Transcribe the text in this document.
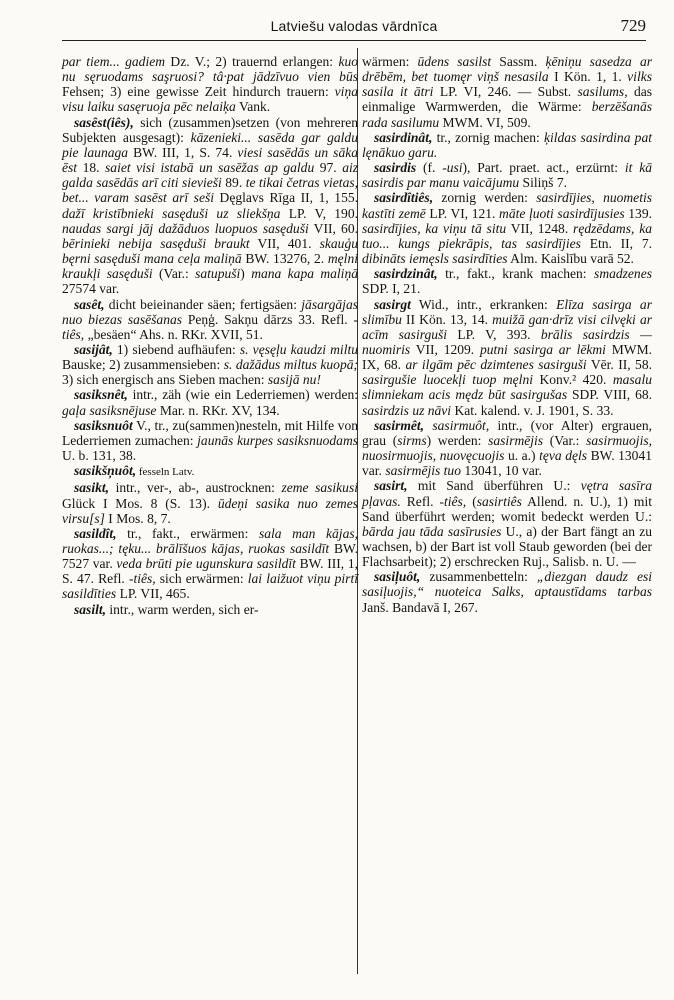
Latviešu valodas vārdnīca	729

par tiem... gadiem Dz. V.; 2) trauernd erlangen: kuo nu sęruodams saşruosi? tâ·pat jādzīvuo vien būs Fehsen; 3) eine gewisse Zeit hindurch trauern: viņa visu laiku sasęruoja pēc nelaiķa Vank.

sasêst(iês), sich (zusammen)setzen (von mehreren Subjekten ausgesagt): kāzenieki... sasēda gar galdu pie launaga BW. III, 1, S. 74. viesi sasēdās un sāka ēst 18. saiet visi istabā un sasēžas ap galdu 97. aiz galda sasēdās arī citi sievieši 89. te tikai četras vietas, bet... varam sasēst arī seši Dęglavs Rīga II, 1, 155. dažī kristībnieki sasęduši uz sliekšņa LP. V, 190. naudas sargi jāj dažāduos luopuos sasęduši VII, 60. bērinieki nebija sasęduši braukt VII, 401. skauģu bęrni sasęduši mana ceļa maliņā BW. 13276, 2. męlni kraukļi sasęduši (Var.: satupuši) mana kapa maliņā 27574 var.

sasêt, dicht beieinander säen; fertigsäen: jāsargājas nuo biezas sasēšanas Peņģ. Sakņu dārzs 33. Refl. -tiês, „besäen“ Ahs. n. RKr. XVII, 51.

sasijât, 1) siebend aufhäufen: s. vęsęļu kaudzi miltu Bauske; 2) zusammensieben: s. dažādus miltus kuopā; 3) sich energisch ans Sieben machen: sasijā nu!

sasiksnêt, intr., zäh (wie ein Lederriemen) werden: gaļa sasiksnējuse Mar. n. RKr. XV, 134.

sasiksnuôt V., tr., zu(sammen)nesteln, mit Hilfe von Lederriemen zumachen: jaunās kurpes sasiksnuodams U. b. 131, 38.

sasikšņuôt, fesseln Latv.

sasikt, intr., ver-, ab-, austrocknen: zeme sasikusi Glück I Mos. 8 (S. 13). ūdeņi sasika nuo zemes virsu[s] I Mos. 8, 7.

sasildît, tr., fakt., erwärmen: sala man kājas, ruokas...; tęku... brālīšuos kājas, ruokas sasildīt BW. 7527 var. veda brūti pie ugunskura sasildīt BW. III, 1, S. 47. Refl. -tiês, sich erwärmen: lai laižuot viņu pirtī sasildīties LP. VII, 465.

sasilt, intr., warm werden, sich er-

wärmen: ūdens sasilst Sassm. ķēniņu sasedza ar drēbēm, bet tuomęr viņš nesasila I Kön. 1, 1. vilks sasila it ātri LP. VI, 246. — Subst. sasilums, das einmalige Warmwerden, die Wärme: berzēšanās rada sasilumu MWM. VI, 509.

sasirdinât, tr., zornig machen: ķildas sasirdina pat lęnākuo garu.

sasirdis (f. -usi), Part. praet. act., erzürnt: it kā sasirdis par manu vaicājumu Siliņš 7.

sasirdîtiês, zornig werden: sasirdījies, nuometis kastīti zemē LP. VI, 121. māte ļuoti sasirdījusies 139. sasirdījies, ka viņu tā situ VII, 1248. rędzēdams, ka tuo... kungs piekrāpis, tas sasirdījies Etn. II, 7. dibināts iemęsls sasirdīties Alm. Kaislību varā 52.

sasirdzinât, tr., fakt., krank machen: smadzenes SDP. I, 21.

sasirgt Wid., intr., erkranken: Elīza sasirga ar slimību II Kön. 13, 14. muižā gan·drīz visi cilvęki ar acīm sasirguši LP. V, 393. brālis sasirdzis — nuomiris VII, 1209. putni sasirga ar lēkmi MWM. IX, 68. ar ilgām pēc dzimtenes sasirguši Vēr. II, 58. sasirgušie luocekļi tuop męlni Konv.² 420. masalu slimniekam acis mędz būt sasirgušas SDP. VIII, 68. sasirdzis uz nāvi Kat. kalend. v. J. 1901, S. 33.

sasirmêt, sasirmuôt, intr., (vor Alter) ergrauen, grau (sirms) werden: sasirmējis (Var.: sasirmuojis, nuosirmuojis, nuovęcuojis u. a.) tęva dęls BW. 13041 var. sasirmējis tuo 13041, 10 var.

sasirt, mit Sand überführen U.: vętra sasīra pļavas. Refl. -tiês, (sasirtiês Allend. n. U.), 1) mit Sand überführt werden; womit bedeckt werden U.: bārda jau tāda sasīrusies U., a) der Bart fängt an zu wachsen, b) der Bart ist voll Staub geworden (bei der Flachsarbeit); 2) erschrecken Ruj., Salisb. n. U. —

sasiļuôt, zusammenbetteln: „diezgan daudz esi sasiļuojis,“ nuoteica Salks, aptaustīdams tarbas Janš. Bandavā I, 267.
